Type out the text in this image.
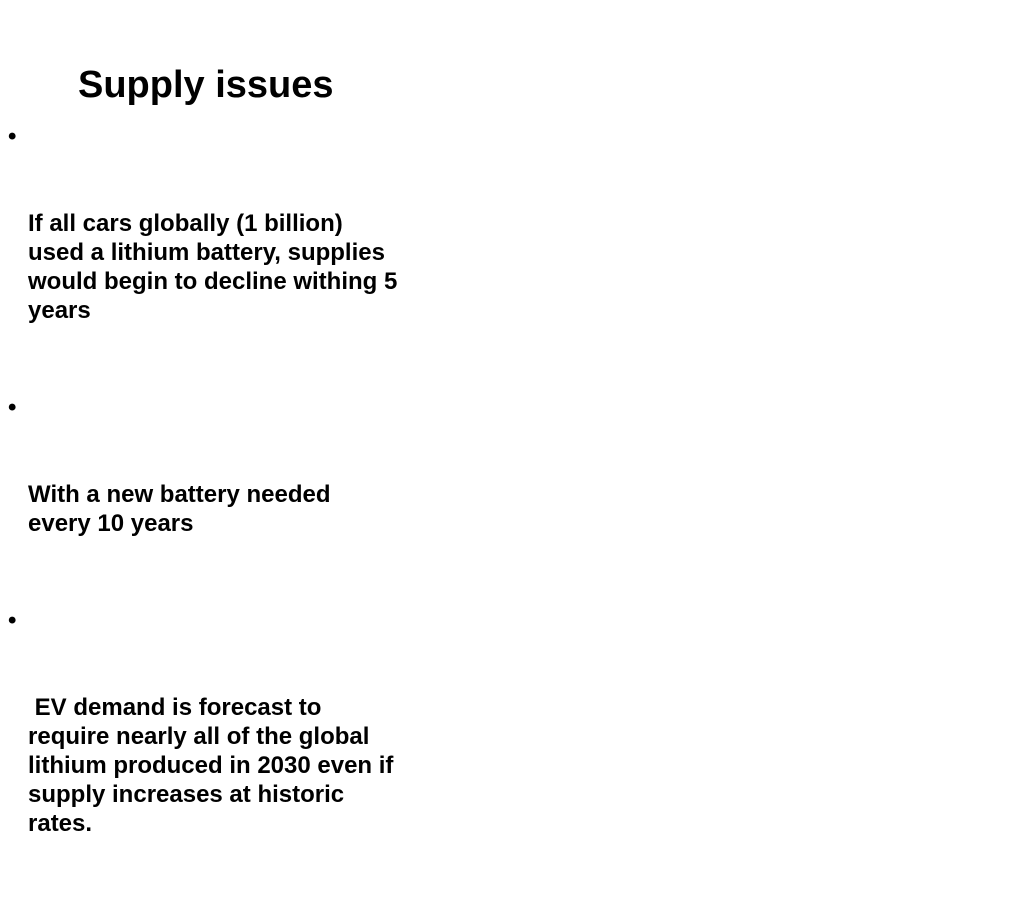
Supply issues

•

If all cars globally (1 billion) used a lithium battery, supplies would begin to decline withing 5 years

•

With a new battery needed every 10 years

•

EV demand is forecast to require nearly all of the global lithium produced in 2030 even if supply increases at historic rates.
